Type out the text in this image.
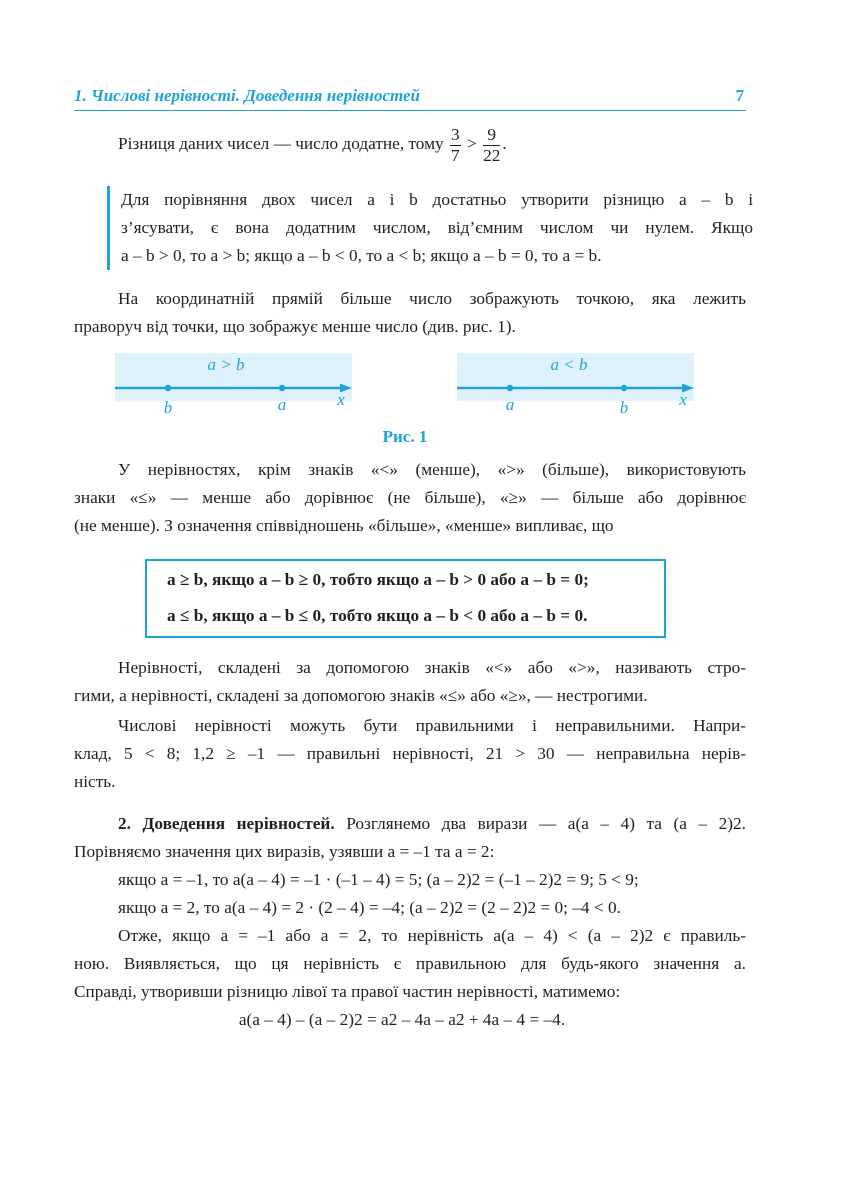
1. Числові нерівності. Доведення нерівностей	7
Різниця даних чисел — число додатне, тому $\frac{3}{7} > \frac{9}{22}$ .
Для порівняння двох чисел a і b достатньо утворити різницю a – b і
з’ясувати, є вона додатним числом, від’ємним числом чи нулем. Якщо
a – b > 0, то a > b; якщо a – b < 0, то a < b; якщо a – b = 0, то a = b.
На координатній прямій більше число зображують точкою, яка лежить
праворуч від точки, що зображує менше число (див. рис. 1).
a > b
b	a	x
a < b
a	b	x
Рис. 1
У нерівностях, крім знаків «<» (менше), «>» (більше), використовують
знаки «≤» — менше або дорівнює (не більше), «≥» — більше або дорівнює
(не менше). З означення співвідношень «більше», «менше» випливає, що
a ≥ b, якщо a – b ≥ 0, тобто якщо a – b > 0 або a – b = 0;
a ≤ b, якщо a – b ≤ 0, тобто якщо a – b < 0 або a – b = 0.
Нерівності, складені за допомогою знаків «<» або «>», називають стро-
гими, а нерівності, складені за допомогою знаків «≤» або «≥», — нестрогими.
Числові нерівності можуть бути правильними і неправильними. Напри-
клад, 5 < 8; 1,2 ≥ –1 — правильні нерівності, 21 > 30 — неправильна нерів-
ність.
2. Доведення нерівностей. Розглянемо два вирази — a(a – 4) та (a – 2)2.
Порівняємо значення цих виразів, узявши a = –1 та a = 2:
якщо a = –1, то a(a – 4) = –1 · (–1 – 4) = 5; (a – 2)2 = (–1 – 2)2 = 9; 5 < 9;
якщо a = 2, то a(a – 4) = 2 · (2 – 4) = –4; (a – 2)2 = (2 – 2)2 = 0; –4 < 0.
Отже, якщо a = –1 або a = 2, то нерівність a(a – 4) < (a – 2)2 є правиль-
ною. Виявляється, що ця нерівність є правильною для будь-якого значення a.
Справді, утворивши різницю лівої та правої частин нерівності, матимемо:
a(a – 4) – (a – 2)2 = a2 – 4a – a2 + 4a – 4 = –4.
